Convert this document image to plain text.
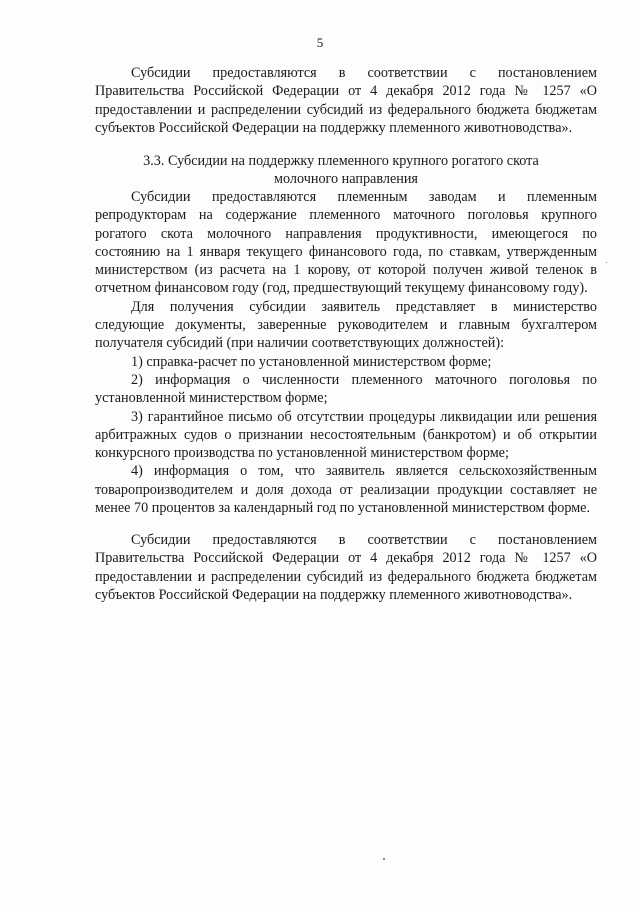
5

Субсидии предоставляются в соответствии с постановлением Правительства Российской Федерации от 4 декабря 2012 года № 1257 «О предоставлении и распределении субсидий из федерального бюджета бюджетам субъектов Российской Федерации на поддержку племенного животноводства».

3.3. Субсидии на поддержку племенного крупного рогатого скота
молочного направления

Субсидии предоставляются племенным заводам и племенным репродукторам на содержание племенного маточного поголовья крупного рогатого скота молочного направления продуктивности, имеющегося по состоянию на 1 января текущего финансового года, по ставкам, утвержденным министерством (из расчета на 1 корову, от которой получен живой теленок в отчетном финансовом году (год, предшествующий текущему финансовому году).

Для получения субсидии заявитель представляет в министерство следующие документы, заверенные руководителем и главным бухгалтером получателя субсидий (при наличии соответствующих должностей):

1) справка-расчет по установленной министерством форме;

2) информация о численности племенного маточного поголовья по установленной министерством форме;

3) гарантийное письмо об отсутствии процедуры ликвидации или решения арбитражных судов о признании несостоятельным (банкротом) и об открытии конкурсного производства по установленной министерством форме;

4) информация о том, что заявитель является сельскохозяйственным товаропроизводителем и доля дохода от реализации продукции составляет не менее 70 процентов за календарный год по установленной министерством форме.

Субсидии предоставляются в соответствии с постановлением Правительства Российской Федерации от 4 декабря 2012 года № 1257 «О предоставлении и распределении субсидий из федерального бюджета бюджетам субъектов Российской Федерации на поддержку племенного животноводства».
